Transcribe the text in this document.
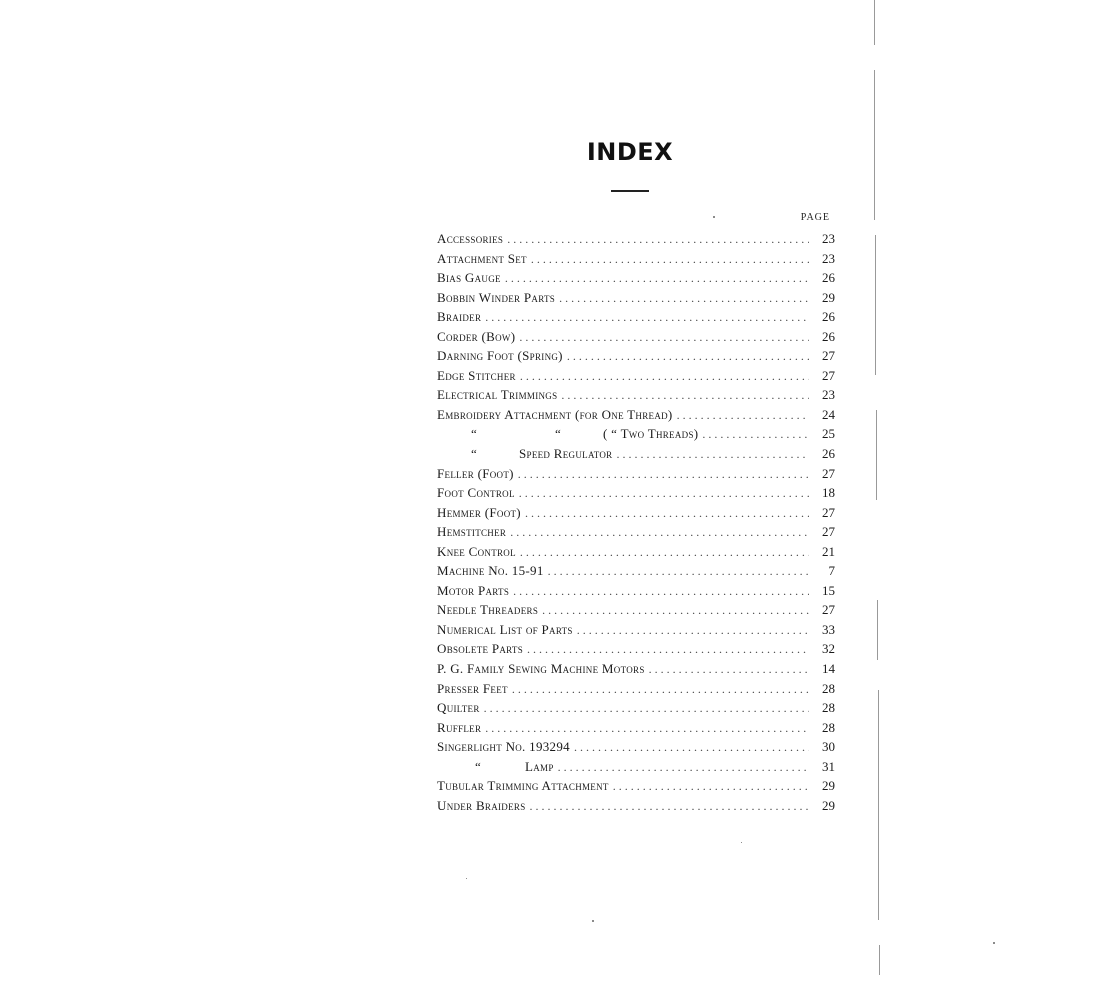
INDEX
PAGE
Accessories . . .	23
Attachment Set . . .	23
Bias Gauge . . .	26
Bobbin Winder Parts . . .	29
Braider . . .	26
Corder (Bow) . . .	26
Darning Foot (Spring) . . .	27
Edge Stitcher . . .	27
Electrical Trimmings . . .	23
Embroidery Attachment (for One Thread) . . .	24
“	“	( “ Two Threads) . . .	25
“	Speed Regulator . . .	26
Feller (Foot) . . .	27
Foot Control . . .	18
Hemmer (Foot) . . .	27
Hemstitcher . . .	27
Knee Control . . .	21
Machine No. 15-91 . . .	7
Motor Parts . . .	15
Needle Threaders . . .	27
Numerical List of Parts . . .	33
Obsolete Parts . . .	32
P. G. Family Sewing Machine Motors . . .	14
Presser Feet . . .	28
Quilter . . .	28
Ruffler . . .	28
Singerlight No. 193294 . . .	30
“	Lamp . . .	31
Tubular Trimming Attachment . . .	29
Under Braiders . . .	29
